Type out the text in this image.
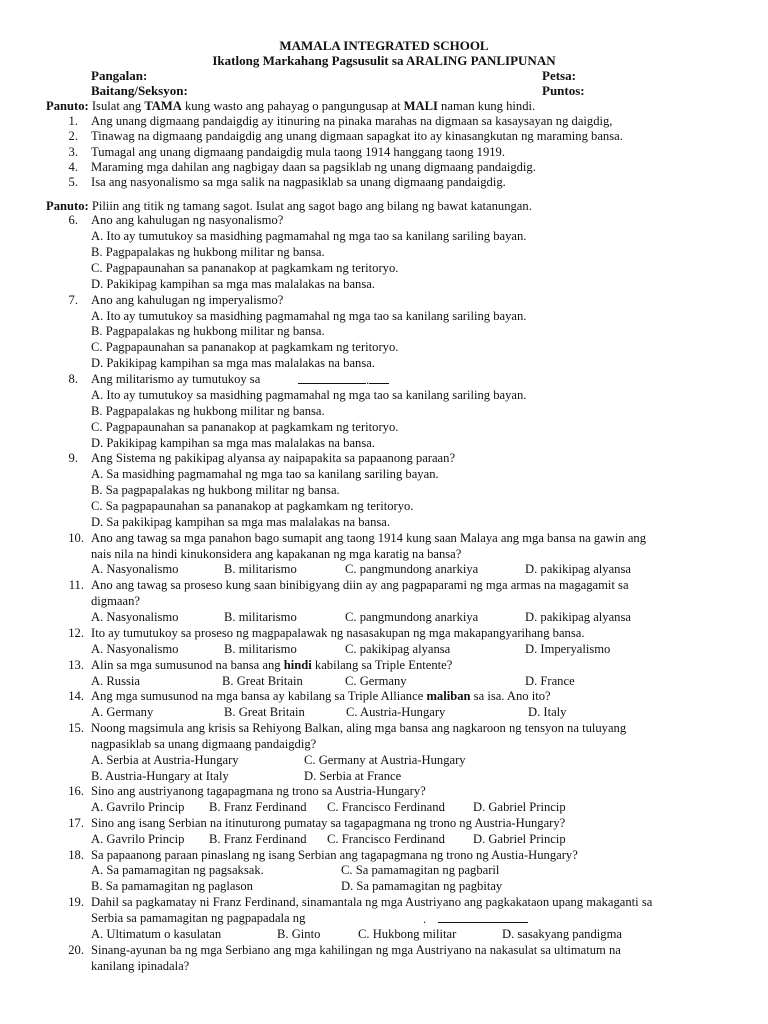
MAMALA INTEGRATED SCHOOL
Ikatlong Markahang Pagsusulit sa ARALING PANLIPUNAN
Pangalan:	Petsa:
Baitang/Seksyon:	Puntos:
Panuto: Isulat ang TAMA kung wasto ang pahayag o pangungusap at MALI naman kung hindi.
1. Ang unang digmaang pandaigdig ay itinuring na pinaka marahas na digmaan sa kasaysayan ng daigdig,
2. Tinawag na digmaang pandaigdig ang unang digmaan sapagkat ito ay kinasangkutan ng maraming bansa.
3. Tumagal ang unang digmaang pandaigdig mula taong 1914 hanggang taong 1919.
4. Maraming mga dahilan ang nagbigay daan sa pagsiklab ng unang digmaang pandaigdig.
5. Isa ang nasyonalismo sa mga salik na nagpasiklab sa unang digmaang pandaigdig.
Panuto: Piliin ang titik ng tamang sagot. Isulat ang sagot bago ang bilang ng bawat katanungan.
6. Ano ang kahulugan ng nasyonalismo?
A. Ito ay tumutukoy sa masidhing pagmamahal ng mga tao sa kanilang sariling bayan.
B. Pagpapalakas ng hukbong militar ng bansa.
C. Pagpapaunahan sa pananakop at pagkamkam ng teritoryo.
D. Pakikipag kampihan sa mga mas malalakas na bansa.
7. Ano ang kahulugan ng imperyalismo?
A. Ito ay tumutukoy sa masidhing pagmamahal ng mga tao sa kanilang sariling bayan.
B. Pagpapalakas ng hukbong militar ng bansa.
C. Pagpapaunahan sa pananakop at pagkamkam ng teritoryo.
D. Pakikipag kampihan sa mga mas malalakas na bansa.
8. Ang militarismo ay tumutukoy sa	.
A. Ito ay tumutukoy sa masidhing pagmamahal ng mga tao sa kanilang sariling bayan.
B. Pagpapalakas ng hukbong militar ng bansa.
C. Pagpapaunahan sa pananakop at pagkamkam ng teritoryo.
D. Pakikipag kampihan sa mga mas malalakas na bansa.
9. Ang Sistema ng pakikipag alyansa ay naipapakita sa papaanong paraan?
A. Sa masidhing pagmamahal ng mga tao sa kanilang sariling bayan.
B. Sa pagpapalakas ng hukbong militar ng bansa.
C. Sa pagpapaunahan sa pananakop at pagkamkam ng teritoryo.
D. Sa pakikipag kampihan sa mga mas malalakas na bansa.
10. Ano ang tawag sa mga panahon bago sumapit ang taong 1914 kung saan Malaya ang mga bansa na gawin ang
nais nila na hindi kinukonsidera ang kapakanan ng mga karatig na bansa?
A. Nasyonalismo	B. militarismo	C. pangmundong anarkiya	D. pakikipag alyansa
11. Ano ang tawag sa proseso kung saan binibigyang diin ay ang pagpaparami ng mga armas na magagamit sa
digmaan?
A. Nasyonalismo	B. militarismo	C. pangmundong anarkiya	D. pakikipag alyansa
12. Ito ay tumutukoy sa proseso ng magpapalawak ng nasasakupan ng mga makapangyarihang bansa.
A. Nasyonalismo	B. militarismo	C. pakikipag alyansa	D. Imperyalismo
13. Alin sa mga sumusunod na bansa ang hindi kabilang sa Triple Entente?
A. Russia	B. Great Britain	C. Germany	D. France
14. Ang mga sumusunod na mga bansa ay kabilang sa Triple Alliance maliban sa isa. Ano ito?
A. Germany	B. Great Britain	C. Austria-Hungary	D. Italy
15. Noong magsimula ang krisis sa Rehiyong Balkan, aling mga bansa ang nagkaroon ng tensyon na tuluyang
nagpasiklab sa unang digmaang pandaigdig?
A. Serbia at Austria-Hungary	C. Germany at Austria-Hungary
B. Austria-Hungary at Italy	D. Serbia at France
16. Sino ang austriyanong tagapagmana ng trono sa Austria-Hungary?
A. Gavrilo Princip B. Franz Ferdinand C. Francisco Ferdinand D. Gabriel Princip
17. Sino ang isang Serbian na itinuturong pumatay sa tagapagmana ng trono ng Austria-Hungary?
A. Gavrilo Princip B. Franz Ferdinand C. Francisco Ferdinand D. Gabriel Princip
18. Sa papaanong paraan pinaslang ng isang Serbian ang tagapagmana ng trono ng Austia-Hungary?
A. Sa pamamagitan ng pagsaksak.	C. Sa pamamagitan ng pagbaril
B. Sa pamamagitan ng paglason	D. Sa pamamagitan ng pagbitay
19. Dahil sa pagkamatay ni Franz Ferdinand, sinamantala ng mga Austriyano ang pagkakataon upang makaganti sa
Serbia sa pamamagitan ng pagpapadala ng	.
A. Ultimatum o kasulatan	B. Ginto	C. Hukbong militar	D. sasakyang pandigma
20. Sinang-ayunan ba ng mga Serbiano ang mga kahilingan ng mga Austriyano na nakasulat sa ultimatum na
kanilang ipinadala?
